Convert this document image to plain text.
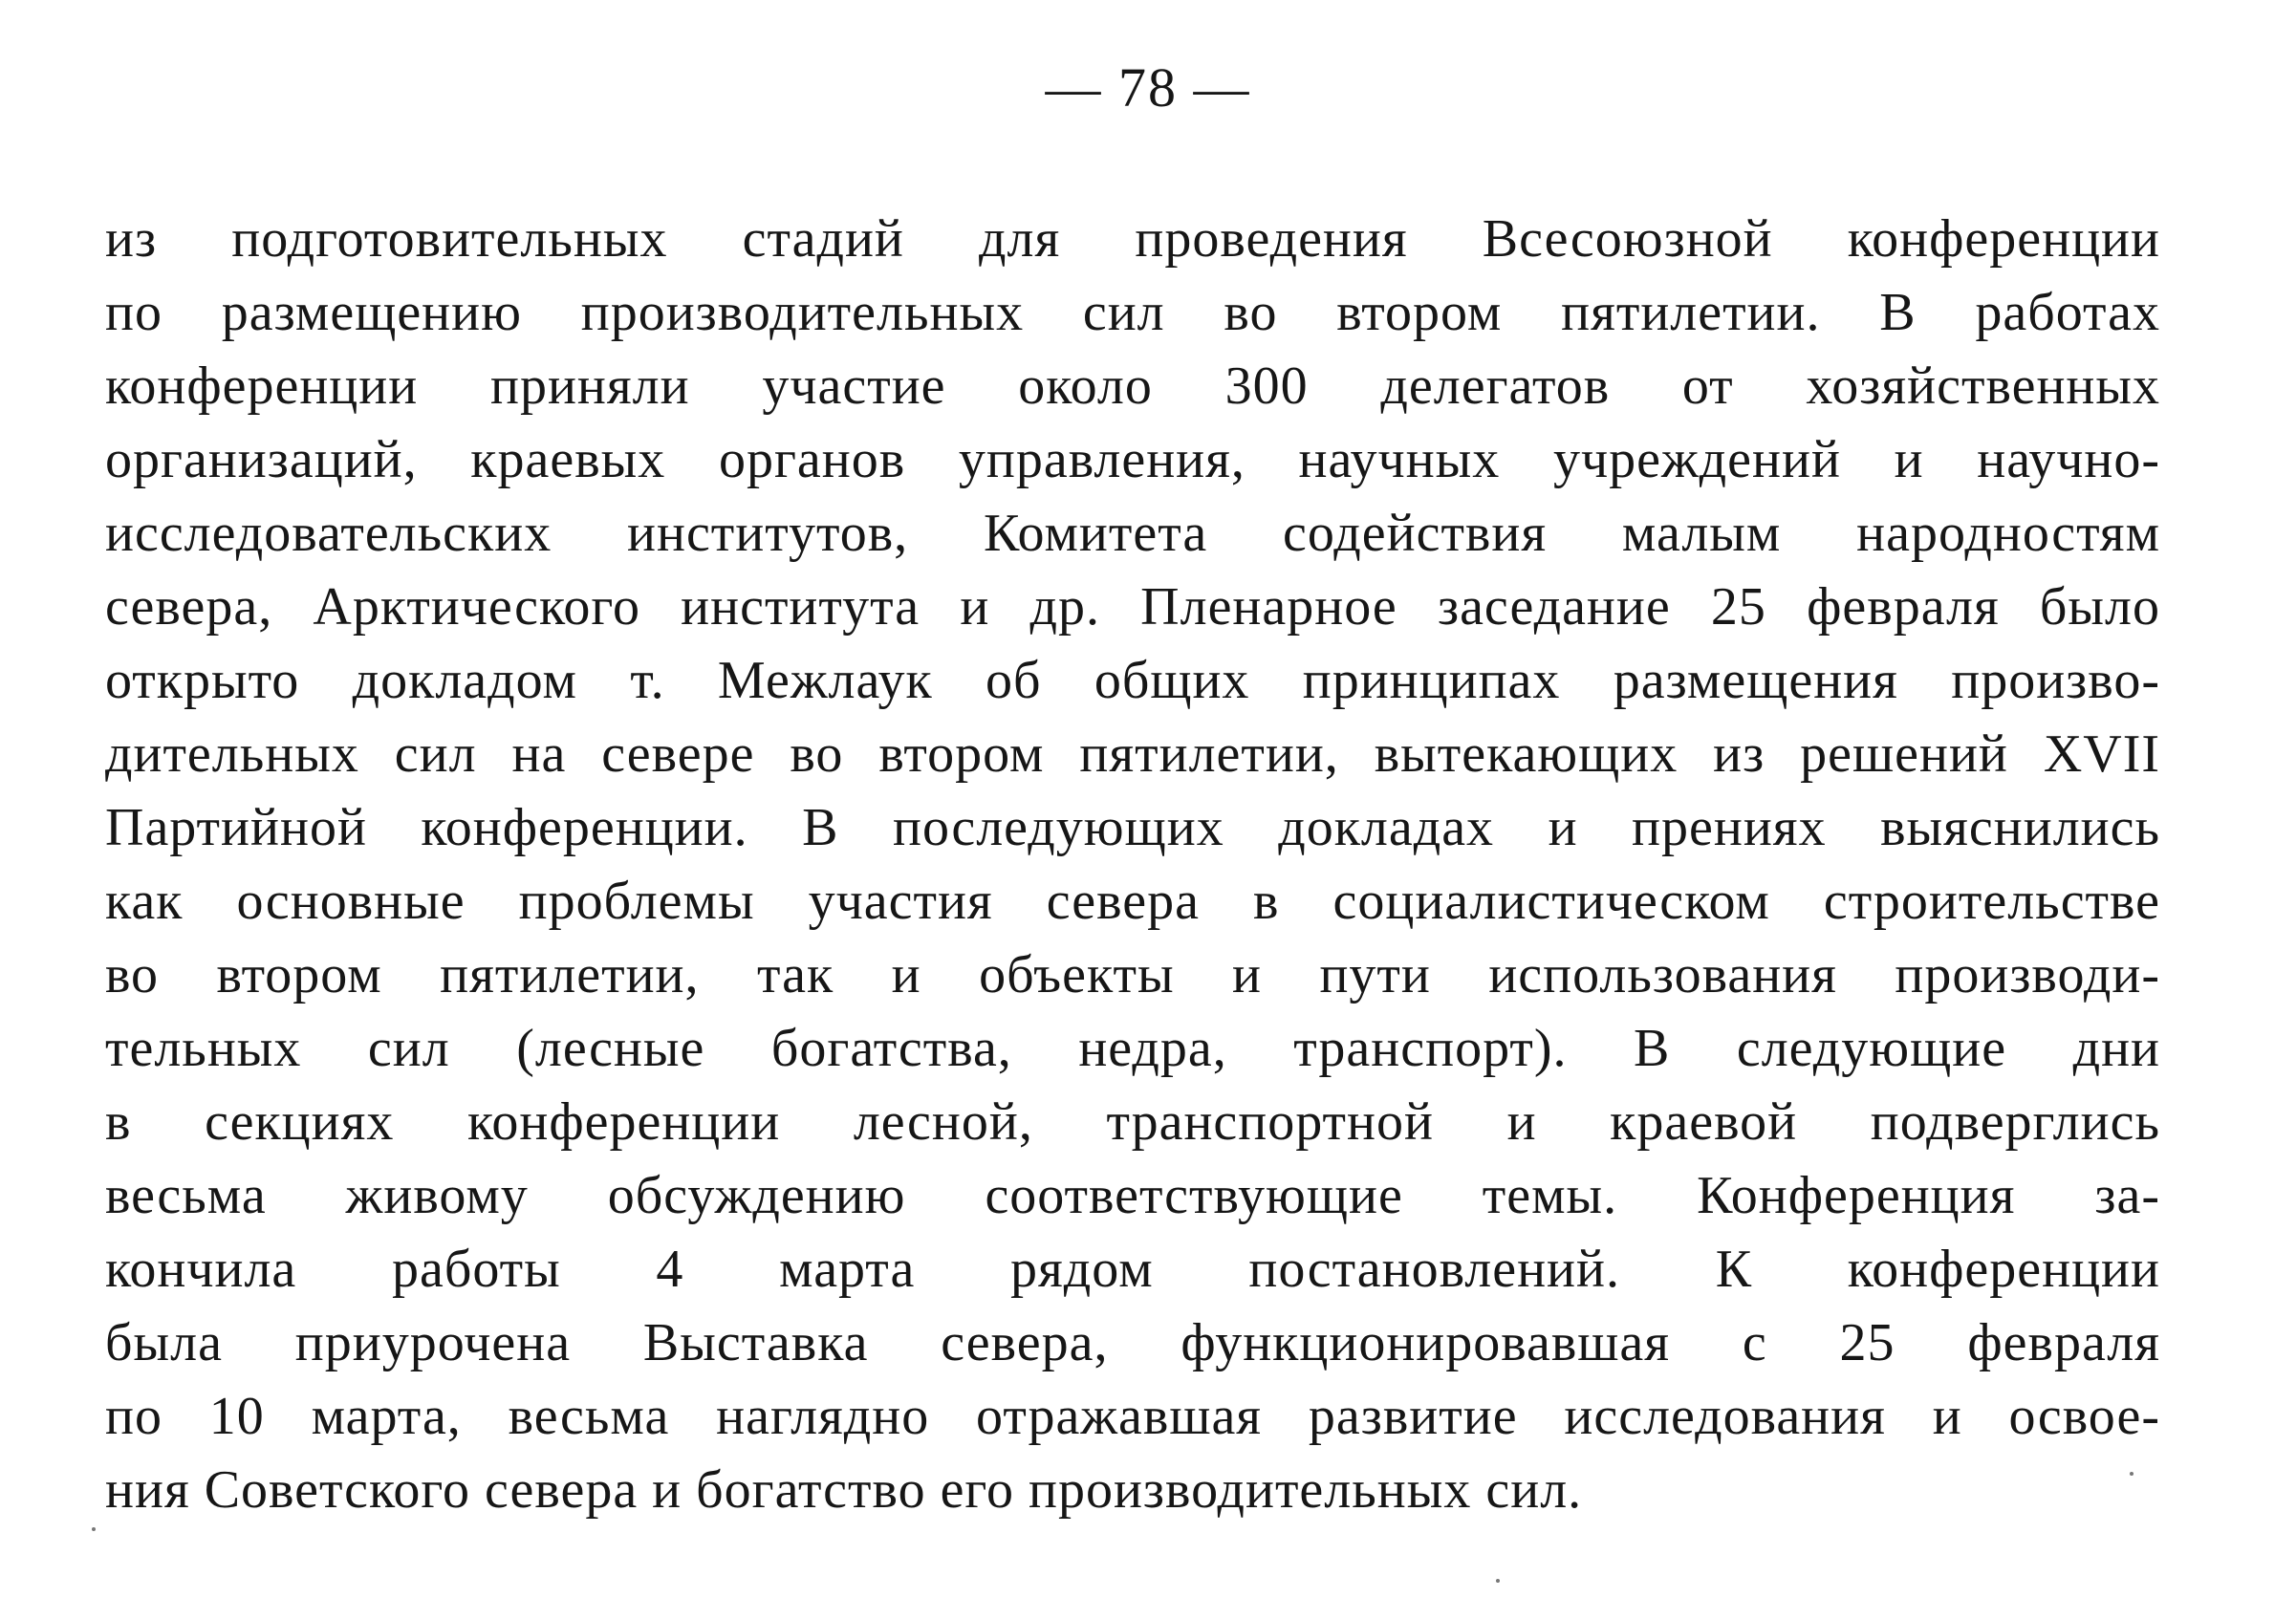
— 78 —
из подготовительных стадий для проведения Всесоюзной конференции
по размещению производительных сил во втором пятилетии. В работах
конференции приняли участие около 300 делегатов от хозяйственных
организаций, краевых органов управления, научных учреждений и научно-
исследовательских институтов, Комитета содействия малым народностям
севера, Арктического института и др. Пленарное заседание 25 февраля было
открыто докладом т. Межлаук об общих принципах размещения произво-
дительных сил на севере во втором пятилетии, вытекающих из решений XVII
Партийной конференции. В последующих докладах и прениях выяснились
как основные проблемы участия севера в социалистическом строительстве
во втором пятилетии, так и объекты и пути использования производи-
тельных сил (лесные богатства, недра, транспорт). В следующие дни
в секциях конференции лесной, транспортной и краевой подверглись
весьма живому обсуждению соответствующие темы. Конференция за-
кончила работы 4 марта рядом постановлений. К конференции
была приурочена Выставка севера, функционировавшая с 25 февраля
по 10 марта, весьма наглядно отражавшая развитие исследования и освое-
ния Советского севера и богатство его производительных сил.
